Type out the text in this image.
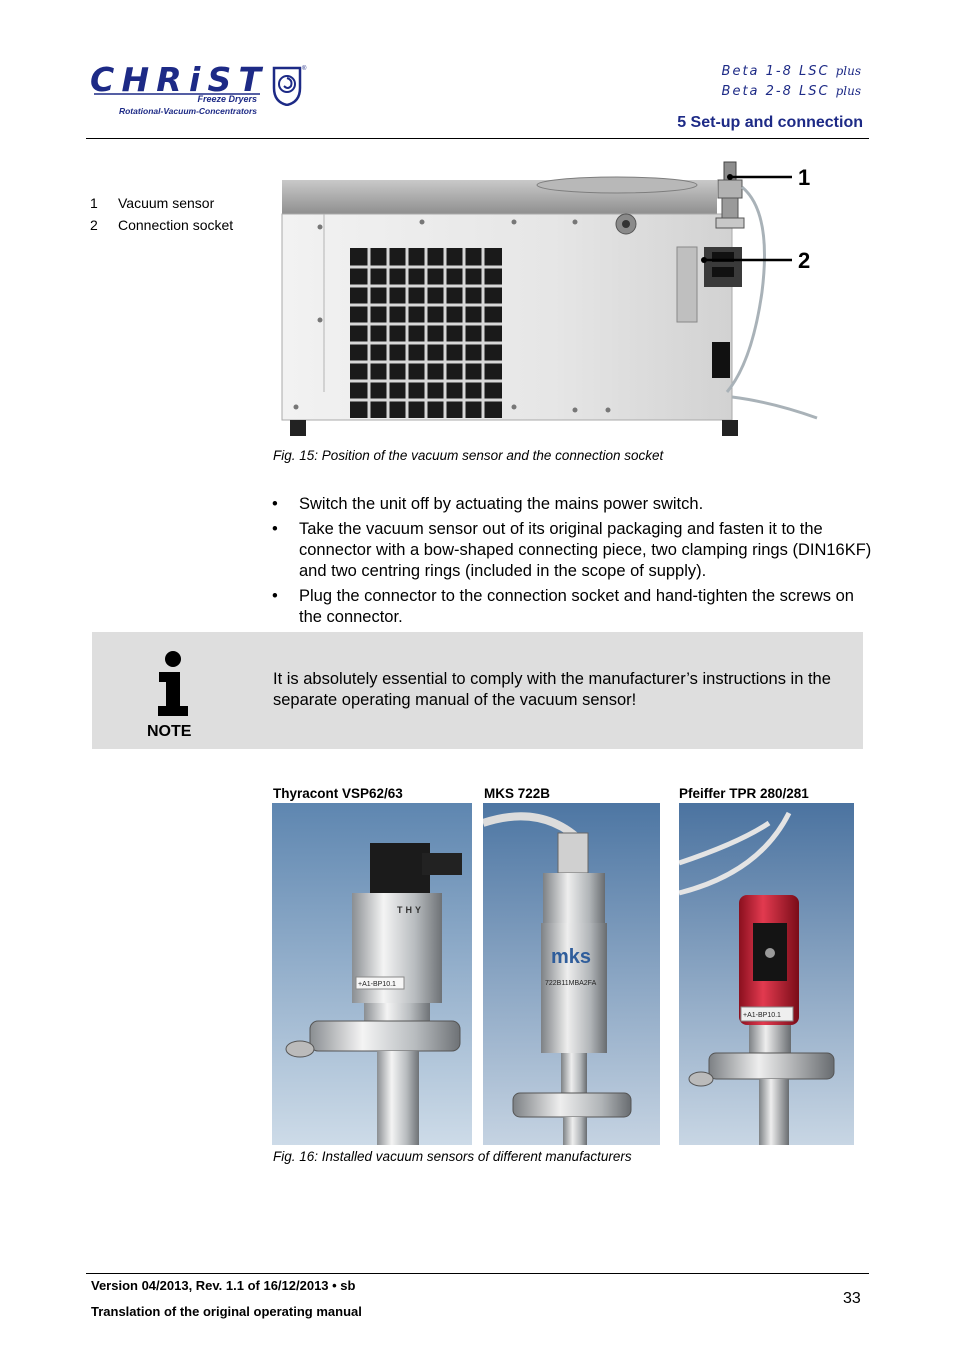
CHRiST
Freeze Dryers
Rotational-Vacuum-Concentrators
®	Beta 1-8 LSC plus
Beta 2-8 LSC plus
5 Set-up and connection
1	Vacuum sensor
2	Connection socket
1
2
Fig. 15: Position of the vacuum sensor and the connection socket
• Switch the unit off by actuating the mains power switch.
• Take the vacuum sensor out of its original packaging and fasten it to the connector with a bow-shaped connecting piece, two clamping rings (DIN16KF) and two centring rings (included in the scope of supply).
• Plug the connector to the connection socket and hand-tighten the screws on the connector.
NOTE
It is absolutely essential to comply with the manufacturer’s instructions in the separate operating manual of the vacuum sensor!
Thyracont VSP62/63	MKS 722B	Pfeiffer TPR 280/281
THY
+A1-BP10.1
mks
722B11MBA2FA
+A1-BP10.1
Fig. 16: Installed vacuum sensors of different manufacturers
Version 04/2013, Rev. 1.1 of 16/12/2013 • sb
Translation of the original operating manual
33
